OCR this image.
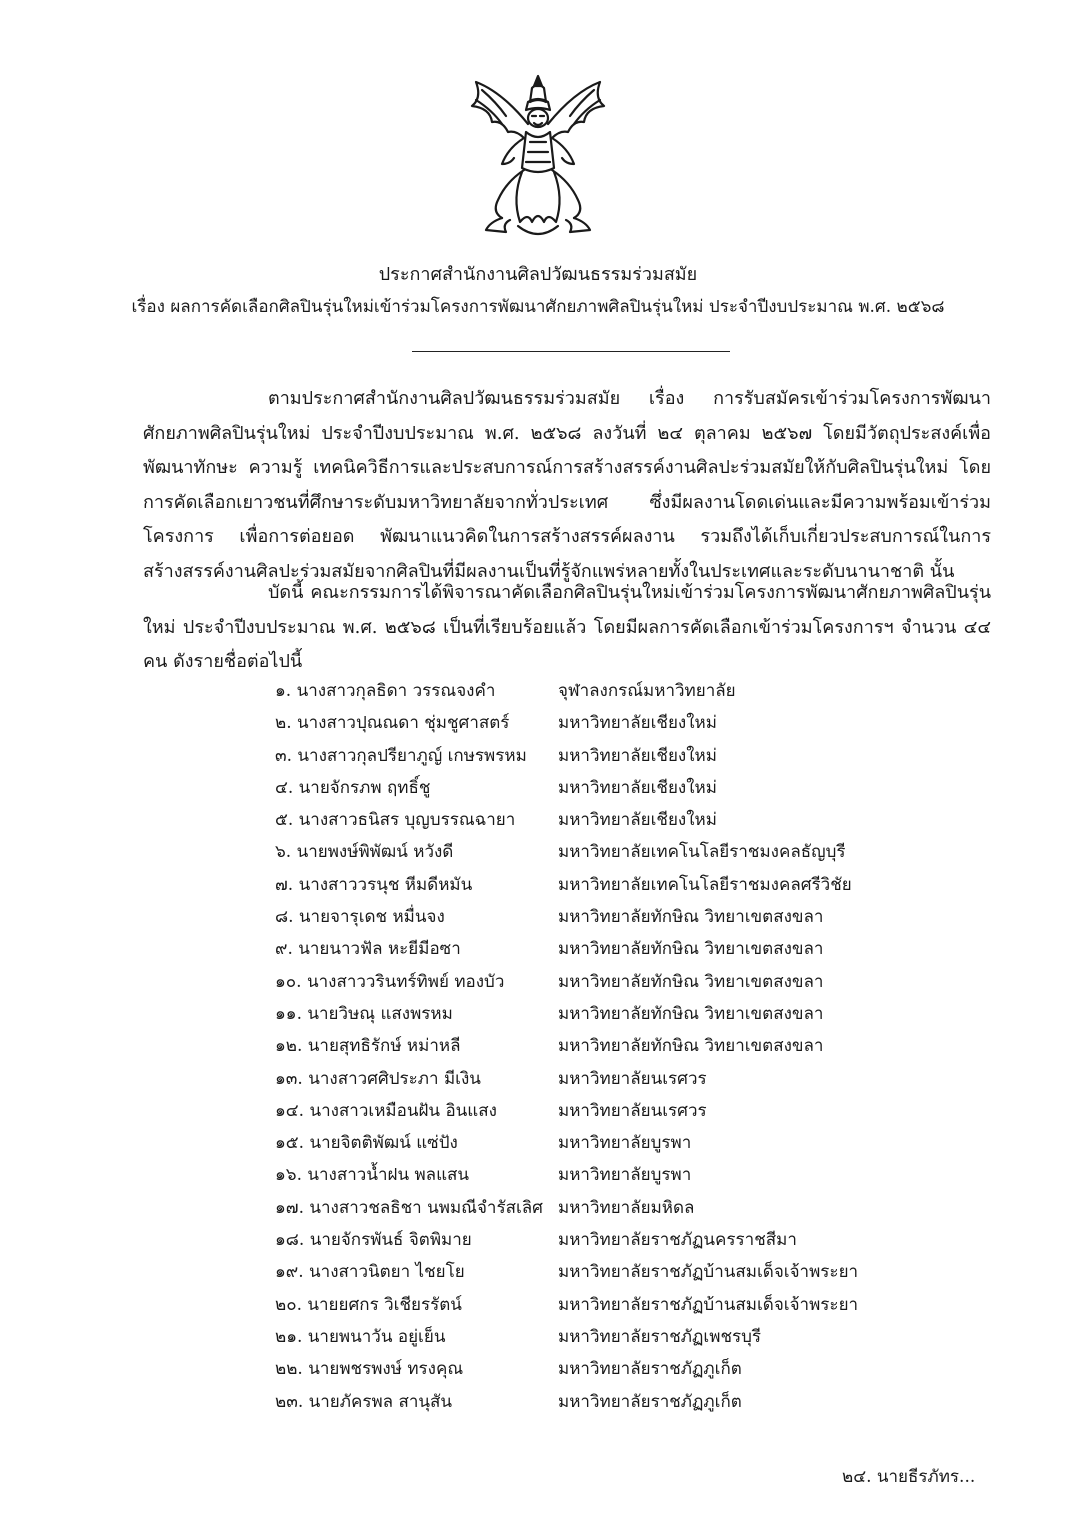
ประกาศสำนักงานศิลปวัฒนธรรมร่วมสมัย
เรื่อง ผลการคัดเลือกศิลปินรุ่นใหม่เข้าร่วมโครงการพัฒนาศักยภาพศิลปินรุ่นใหม่ ประจำปีงบประมาณ พ.ศ. ๒๕๖๘
ตามประกาศสำนักงานศิลปวัฒนธรรมร่วมสมัย เรื่อง การรับสมัครเข้าร่วมโครงการพัฒนาศักยภาพศิลปินรุ่นใหม่ ประจำปีงบประมาณ พ.ศ. ๒๕๖๘ ลงวันที่ ๒๔ ตุลาคม ๒๕๖๗ โดยมีวัตถุประสงค์เพื่อพัฒนาทักษะ ความรู้ เทคนิควิธีการและประสบการณ์การสร้างสรรค์งานศิลปะร่วมสมัยให้กับศิลปินรุ่นใหม่ โดยการคัดเลือกเยาวชนที่ศึกษาระดับมหาวิทยาลัยจากทั่วประเทศ ซึ่งมีผลงานโดดเด่นและมีความพร้อมเข้าร่วมโครงการ เพื่อการต่อยอด พัฒนาแนวคิดในการสร้างสรรค์ผลงาน รวมถึงได้เก็บเกี่ยวประสบการณ์ในการสร้างสรรค์งานศิลปะร่วมสมัยจากศิลปินที่มีผลงานเป็นที่รู้จักแพร่หลายทั้งในประเทศและระดับนานาชาติ นั้น
บัดนี้ คณะกรรมการได้พิจารณาคัดเลือกศิลปินรุ่นใหม่เข้าร่วมโครงการพัฒนาศักยภาพศิลปินรุ่นใหม่ ประจำปีงบประมาณ พ.ศ. ๒๕๖๘ เป็นที่เรียบร้อยแล้ว โดยมีผลการคัดเลือกเข้าร่วมโครงการฯ จำนวน ๔๔ คน ดังรายชื่อต่อไปนี้
๑. นางสาวกุลธิดา วรรณจงคำ	จุฬาลงกรณ์มหาวิทยาลัย
๒. นางสาวปุณณดา ชุ่มชูศาสตร์	มหาวิทยาลัยเชียงใหม่
๓. นางสาวกุลปรียาภูญ์ เกษรพรหม มหาวิทยาลัยเชียงใหม่
๔. นายจักรภพ ฤทธิ์ชู	มหาวิทยาลัยเชียงใหม่
๕. นางสาวธนิสร บุญบรรณฉายา	มหาวิทยาลัยเชียงใหม่
๖. นายพงษ์พิพัฒน์ หวังดี	มหาวิทยาลัยเทคโนโลยีราชมงคลธัญบุรี
๗. นางสาววรนุช หีมดีหมัน	มหาวิทยาลัยเทคโนโลยีราชมงคลศรีวิชัย
๘. นายจารุเดช หมื่นจง	มหาวิทยาลัยทักษิณ วิทยาเขตสงขลา
๙. นายนาวฟัล หะยีมีอซา	มหาวิทยาลัยทักษิณ วิทยาเขตสงขลา
๑๐. นางสาววรินทร์ทิพย์ ทองบัว	มหาวิทยาลัยทักษิณ วิทยาเขตสงขลา
๑๑. นายวิษณุ แสงพรหม	มหาวิทยาลัยทักษิณ วิทยาเขตสงขลา
๑๒. นายสุทธิรักษ์ หม่าหลี	มหาวิทยาลัยทักษิณ วิทยาเขตสงขลา
๑๓. นางสาวศศิประภา มีเงิน	มหาวิทยาลัยนเรศวร
๑๔. นางสาวเหมือนฝัน อินแสง	มหาวิทยาลัยนเรศวร
๑๕. นายจิตติพัฒน์ แซ่ปัง	มหาวิทยาลัยบูรพา
๑๖. นางสาวน้ำฝน พลแสน	มหาวิทยาลัยบูรพา
๑๗. นางสาวชลธิชา นพมณีจำรัสเลิศ มหาวิทยาลัยมหิดล
๑๘. นายจักรพันธ์ จิตพิมาย	มหาวิทยาลัยราชภัฏนครราชสีมา
๑๙. นางสาวนิตยา ไชยโย	มหาวิทยาลัยราชภัฏบ้านสมเด็จเจ้าพระยา
๒๐. นายยศกร วิเชียรรัตน์	มหาวิทยาลัยราชภัฏบ้านสมเด็จเจ้าพระยา
๒๑. นายพนาวัน อยู่เย็น	มหาวิทยาลัยราชภัฏเพชรบุรี
๒๒. นายพชรพงษ์ ทรงคุณ	มหาวิทยาลัยราชภัฏภูเก็ต
๒๓. นายภัครพล สานุสัน	มหาวิทยาลัยราชภัฏภูเก็ต
๒๔. นายธีรภัทร...
